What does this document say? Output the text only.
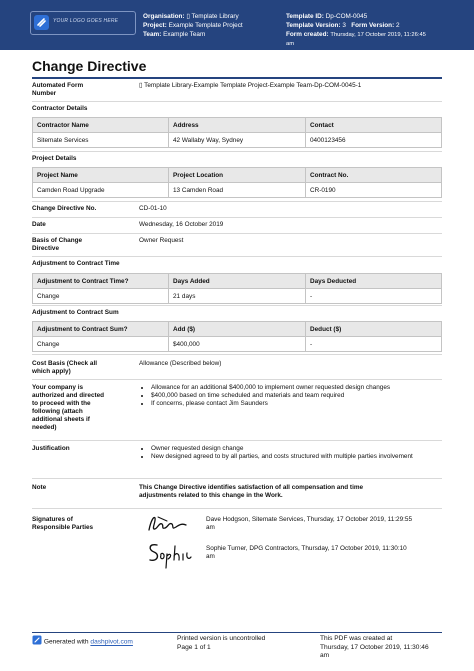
YOUR LOGO GOES HERE
Organisation: ▯ Template Library
Project: Example Template Project
Team: Example Team
Template ID: Dp-COM-0045
Template Version: 3 Form Version: 2
Form created: Thursday, 17 October 2019, 11:26:45
am
Change Directive
Automated Form
Number
▯ Template Library-Example Template Project-Example Team-Dp-COM-0045-1
Contractor Details
Contractor Name	Address	Contact
Sitemate Services	42 Wallaby Way, Sydney	0400123456
Project Details
Project Name	Project Location	Contract No.
Camden Road Upgrade	13 Camden Road	CR-0190
Change Directive No.	CD-01-10
Date	Wednesday, 16 October 2019
Basis of Change
Directive
Owner Request
Adjustment to Contract Time
Adjustment to Contract Time?	Days Added	Days Deducted
Change	21 days	-
Adjustment to Contract Sum
Adjustment to Contract Sum?	Add ($)	Deduct ($)
Change	$400,000	-
Cost Basis (Check all
which apply)
Allowance (Described below)
Your company is
authorized and directed
to proceed with the
following (attach
additional sheets if
needed)
• Allowance for an additional $400,000 to implement owner requested design changes
• $400,000 based on time scheduled and materials and team required
• If concerns, please contact Jim Saunders
Justification	• Owner requested design change
• New designed agreed to by all parties, and costs structured with multiple parties involvement
Note	This Change Directive identifies satisfaction of all compensation and time
adjustments related to this change in the Work.
Signatures of
Responsible Parties
Dave Hodgson, Sitemate Services, Thursday, 17 October 2019, 11:29:55
am
Sophie Turner, DPG Contractors, Thursday, 17 October 2019, 11:30:10
am
Generated with dashpivot.com	Printed version is uncontrolled
Page 1 of 1
This PDF was created at
Thursday, 17 October 2019, 11:30:46
am
